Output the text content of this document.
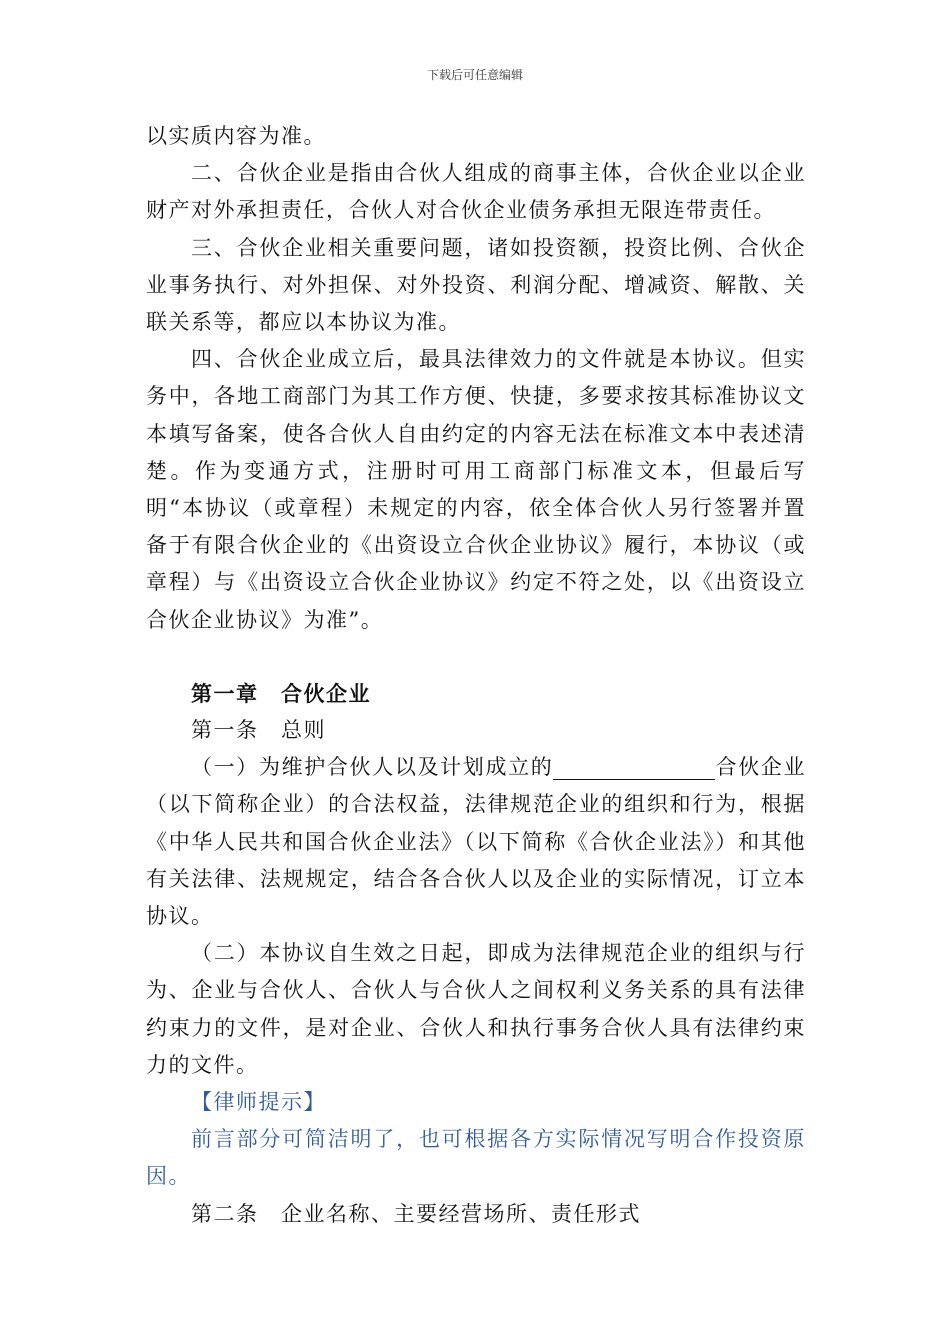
下载后可任意编辑

以实质内容为准。

二、合伙企业是指由合伙人组成的商事主体，合伙企业以企业财产对外承担责任，合伙人对合伙企业债务承担无限连带责任。

三、合伙企业相关重要问题，诸如投资额，投资比例、合伙企业事务执行、对外担保、对外投资、利润分配、增减资、解散、关联关系等，都应以本协议为准。

四、合伙企业成立后，最具法律效力的文件就是本协议。但实务中，各地工商部门为其工作方便、快捷，多要求按其标准协议文本填写备案，使各合伙人自由约定的内容无法在标准文本中表述清楚。作为变通方式，注册时可用工商部门标准文本，但最后写明“本协议（或章程）未规定的内容，依全体合伙人另行签署并置备于有限合伙企业的《出资设立合伙企业协议》履行，本协议（或章程）与《出资设立合伙企业协议》约定不符之处，以《出资设立合伙企业协议》为准”。

第一章　合伙企业

第一条　总则

（一）为维护合伙人以及计划成立的	合伙企业（以下简称企业）的合法权益，法律规范企业的组织和行为，根据《中华人民共和国合伙企业法》（以下简称《合伙企业法》）和其他有关法律、法规规定，结合各合伙人以及企业的实际情况，订立本协议。

（二）本协议自生效之日起，即成为法律规范企业的组织与行为、企业与合伙人、合伙人与合伙人之间权利义务关系的具有法律约束力的文件，是对企业、合伙人和执行事务合伙人具有法律约束力的文件。

【律师提示】

前言部分可简洁明了，也可根据各方实际情况写明合作投资原因。

第二条　企业名称、主要经营场所、责任形式
